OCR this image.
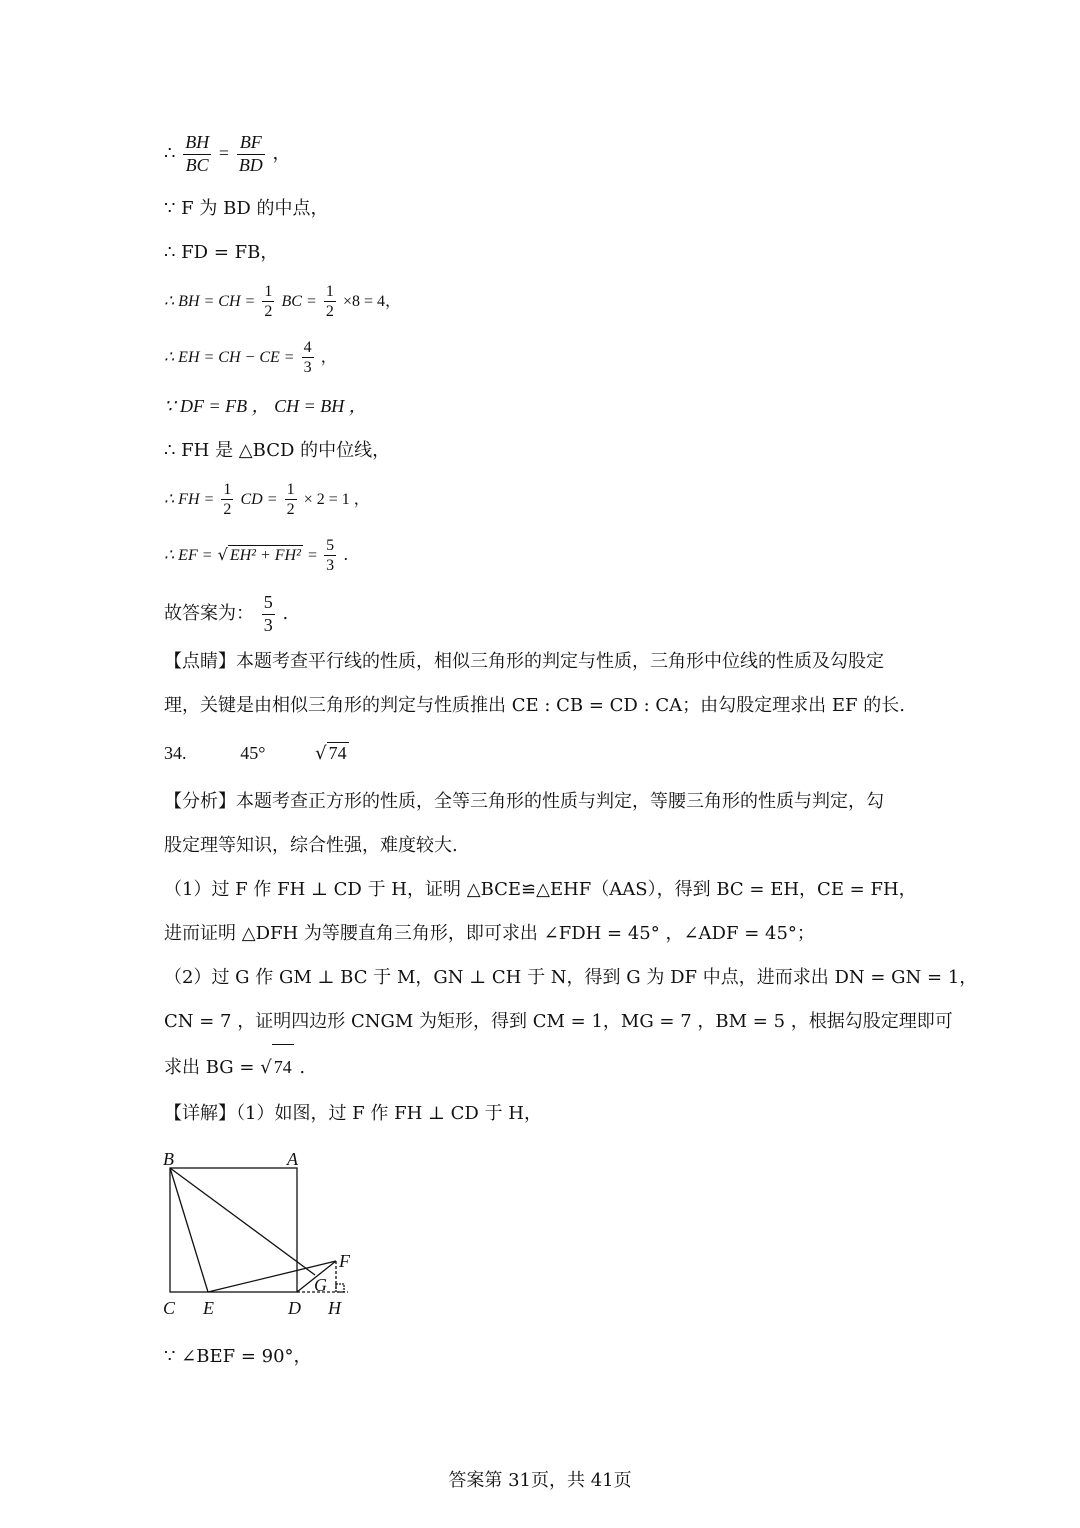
∴ $\frac{BH}{BC} = \frac{BF}{BD}$ ，
∵ F 为 BD 的中点，
∴ FD = FB，
∴ BH = CH = $\frac{1}{2}$ BC = $\frac{1}{2} \times 8 = 4$，
∴ EH = CH − CE = $\frac{4}{3}$ ，
∵ DF = FB ， CH = BH ，
∴ FH 是 △BCD 的中位线，
∴ FH = $\frac{1}{2}$ CD = $\frac{1}{2} \times 2 = 1$ ，
∴ EF = √ $EH^2 + FH^2 = \frac{5}{3}$ .
故答案为： $\frac{5}{3}$ .
【点睛】本题考查平行线的性质，相似三角形的判定与性质，三角形中位线的性质及勾股定
理，关键是由相似三角形的判定与性质推出 CE : CB = CD : CA；由勾股定理求出 EF 的长.
34.	45°	√ 74
【分析】本题考查正方形的性质，全等三角形的性质与判定，等腰三角形的性质与判定，勾
股定理等知识，综合性强，难度较大.
（1）过 F 作 FH ⊥ CD 于 H，证明 △BCE≌△EHF（AAS），得到 BC = EH，CE = FH，
进而证明 △DFH 为等腰直角三角形，即可求出 ∠FDH = 45° ，∠ADF = 45°；
（2）过 G 作 GM ⊥ BC 于 M，GN ⊥ CH 于 N，得到 G 为 DF 中点，进而求出 DN = GN = 1，
CN = 7 ，证明四边形 CNGM 为矩形，得到 CM = 1，MG = 7 ，BM = 5 ，根据勾股定理即可
求出 BG = √ 74 .
【详解】（1）如图，过 F 作 FH ⊥ CD 于 H，
B	A
C E	D H
F
G
∵ ∠BEF = 90°，
答案第 31页，共 41页
